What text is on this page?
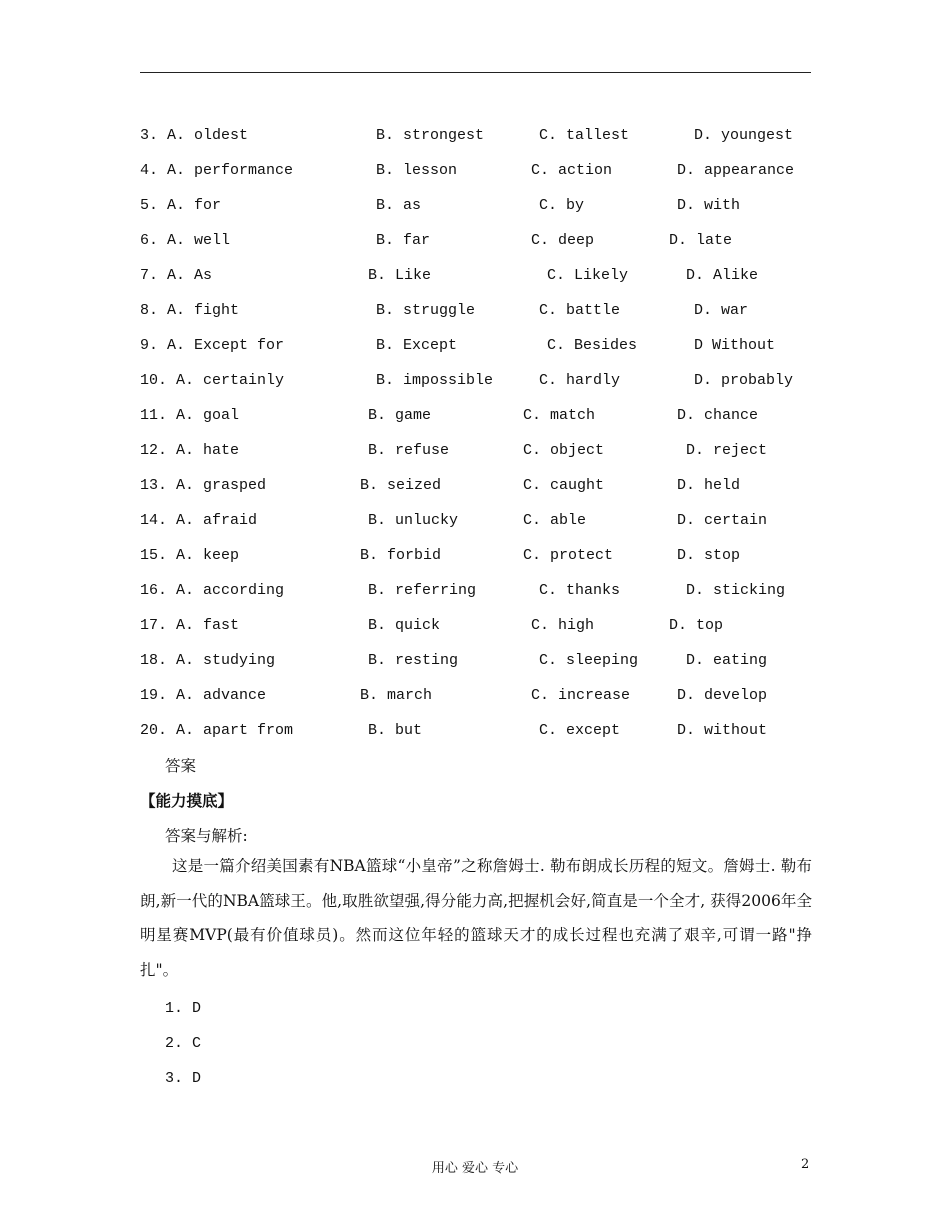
3. A. oldest	B. strongest	C. tallest	D. youngest
4. A. performance	B. lesson	C. action	D. appearance
5. A. for	B. as	C. by	D. with
6. A. well	B. far	C. deep	D. late
7. A. As	B. Like	C. Likely	D. Alike
8. A. fight	B. struggle	C. battle	D. war
9. A. Except for	B. Except	C. Besides	D Without
10. A. certainly	B. impossible	C. hardly	D. probably
11. A. goal	B. game	C. match	D. chance
12. A. hate	B. refuse	C. object	D. reject
13. A. grasped	B. seized	C. caught	D. held
14. A. afraid	B. unlucky	C. able	D. certain
15. A. keep	B. forbid	C. protect	D. stop
16. A. according	B. referring	C. thanks	D. sticking
17. A. fast	B. quick	C. high	D. top
18. A. studying	B. resting	C. sleeping	D. eating
19. A. advance	B. march	C. increase	D. develop
20. A. apart from	B. but	C. except	D. without
答案
【能力摸底】
答案与解析:
这是一篇介绍美国素有NBA篮球“小皇帝”之称詹姆士. 勒布朗成长历程的短文。詹姆士. 勒布朗,新一代的NBA篮球王。他,取胜欲望强,得分能力高,把握机会好,简直是一个全才, 获得2006年全明星赛MVP(最有价值球员)。然而这位年轻的篮球天才的成长过程也充满了艰辛,可谓一路"挣扎"。
1. D
2. C
3. D
用心 爱心 专心	2
